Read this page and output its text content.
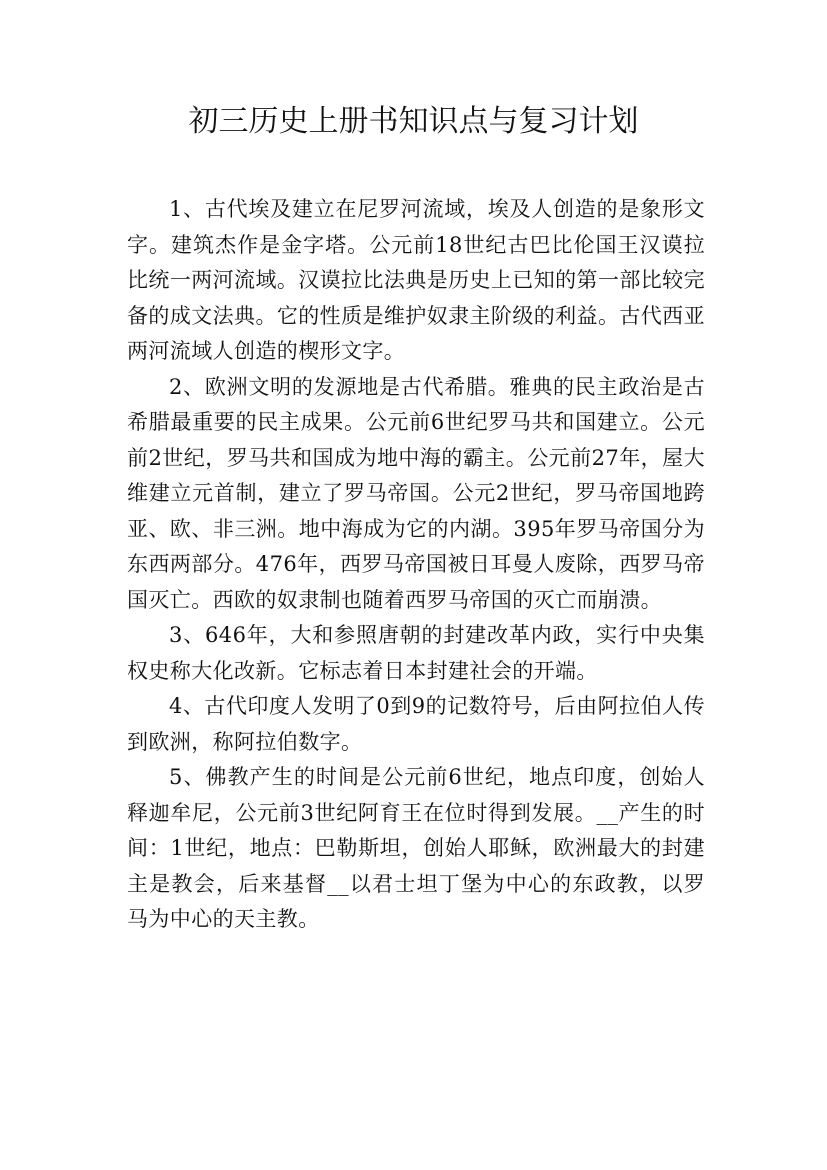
初三历史上册书知识点与复习计划

1、古代埃及建立在尼罗河流域，埃及人创造的是象形文字。建筑杰作是金字塔。公元前18世纪古巴比伦国王汉谟拉比统一两河流域。汉谟拉比法典是历史上已知的第一部比较完备的成文法典。它的性质是维护奴隶主阶级的利益。古代西亚两河流域人创造的楔形文字。

2、欧洲文明的发源地是古代希腊。雅典的民主政治是古希腊最重要的民主成果。公元前6世纪罗马共和国建立。公元前2世纪，罗马共和国成为地中海的霸主。公元前27年，屋大维建立元首制，建立了罗马帝国。公元2世纪，罗马帝国地跨亚、欧、非三洲。地中海成为它的内湖。395年罗马帝国分为东西两部分。476年，西罗马帝国被日耳曼人废除，西罗马帝国灭亡。西欧的奴隶制也随着西罗马帝国的灭亡而崩溃。

3、646年，大和参照唐朝的封建改革内政，实行中央集权史称大化改新。它标志着日本封建社会的开端。

4、古代印度人发明了0到9的记数符号，后由阿拉伯人传到欧洲，称阿拉伯数字。

5、佛教产生的时间是公元前6世纪，地点印度，创始人释迦牟尼，公元前3世纪阿育王在位时得到发展。__产生的时间：1世纪，地点：巴勒斯坦，创始人耶稣，欧洲最大的封建主是教会，后来基督__以君士坦丁堡为中心的东政教，以罗马为中心的天主教。
